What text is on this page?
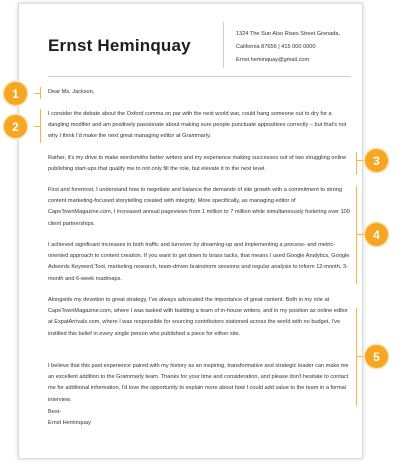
Ernst Heminquay
1324 The Sun Also Rises Street Grenada,
California 87656 | 415 000 0000
Ernst.heminquay@gmail.com
Dear Ms. Jackson,
I consider the debate about the Oxford comma on par with the next world war, could hang someone out to dry for a dangling modifier and am positively passionate about making sure people punctuate appositives correctly – but that's not why I think I'd make the next great managing editor at Grammarly.
Rather, it's my drive to make wordsmiths better writers and my experience making successes out of two struggling online publishing start-ups that qualify me to not only fill the role, but elevate it to the next level.
First and foremost, I understand how to negotiate and balance the demands of site growth with a commitment to strong content marketing-focused storytelling created with integrity. More specifically, as managing editor of CapeTownMagazine.com, I increased annual pageviews from 1 million to 7 million while simultaneously fostering over 100 client partnerships.
I achieved significant increases in both traffic and turnover by dreaming-up and implementing a process- and metric-oriented approach to content creation. If you want to get down to brass tacks, that means I used Google Analytics, Google Adwords Keyword Tool, marketing research, team-driven brainstorm sessions and regular analysis to inform 12-month, 3-month and 6-week roadmaps.
Alongside my devotion to great strategy, I've always advocated the importance of great content. Both in my role at CapeTownMagazine.com, where I was tasked with building a team of in-house writers, and in my position as online editor at ExpatArrivals.com, where I was responsible for sourcing contributors stationed across the world with no budget, I've instilled this belief in every single person who published a piece for either site.
I believe that this past experience paired with my history as an inspiring, transformative and strategic leader can make me an excellent addition to the Grammarly team. Thanks for your time and consideration, and please don't hesitate to contact me for additional information. I'd love the opportunity to explain more about how I could add value to the team in a formal interview.
Best-
Ernst Heminquay
1
2
3
4
5
